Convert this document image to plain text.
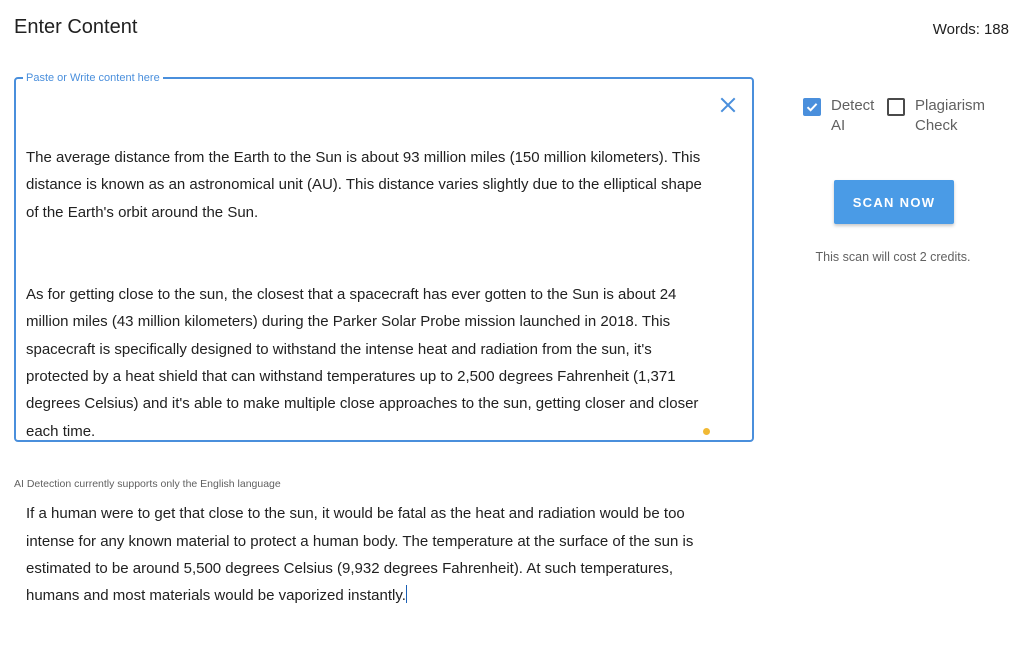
Enter Content	Words: 188
Paste or Write content here

The average distance from the Earth to the Sun is about 93 million miles (150 million kilometers). This distance is known as an astronomical unit (AU). This distance varies slightly due to the elliptical shape of the Earth's orbit around the Sun.

As for getting close to the sun, the closest that a spacecraft has ever gotten to the Sun is about 24 million miles (43 million kilometers) during the Parker Solar Probe mission launched in 2018. This spacecraft is specifically designed to withstand the intense heat and radiation from the sun, it's protected by a heat shield that can withstand temperatures up to 2,500 degrees Fahrenheit (1,371 degrees Celsius) and it's able to make multiple close approaches to the sun, getting closer and closer each time.

If a human were to get that close to the sun, it would be fatal as the heat and radiation would be too intense for any known material to protect a human body. The temperature at the surface of the sun is estimated to be around 5,500 degrees Celsius (9,932 degrees Fahrenheit). At such temperatures, humans and most materials would be vaporized instantly.

Detect AI
Plagiarism Check
SCAN NOW
This scan will cost 2 credits.
AI Detection currently supports only the English language
